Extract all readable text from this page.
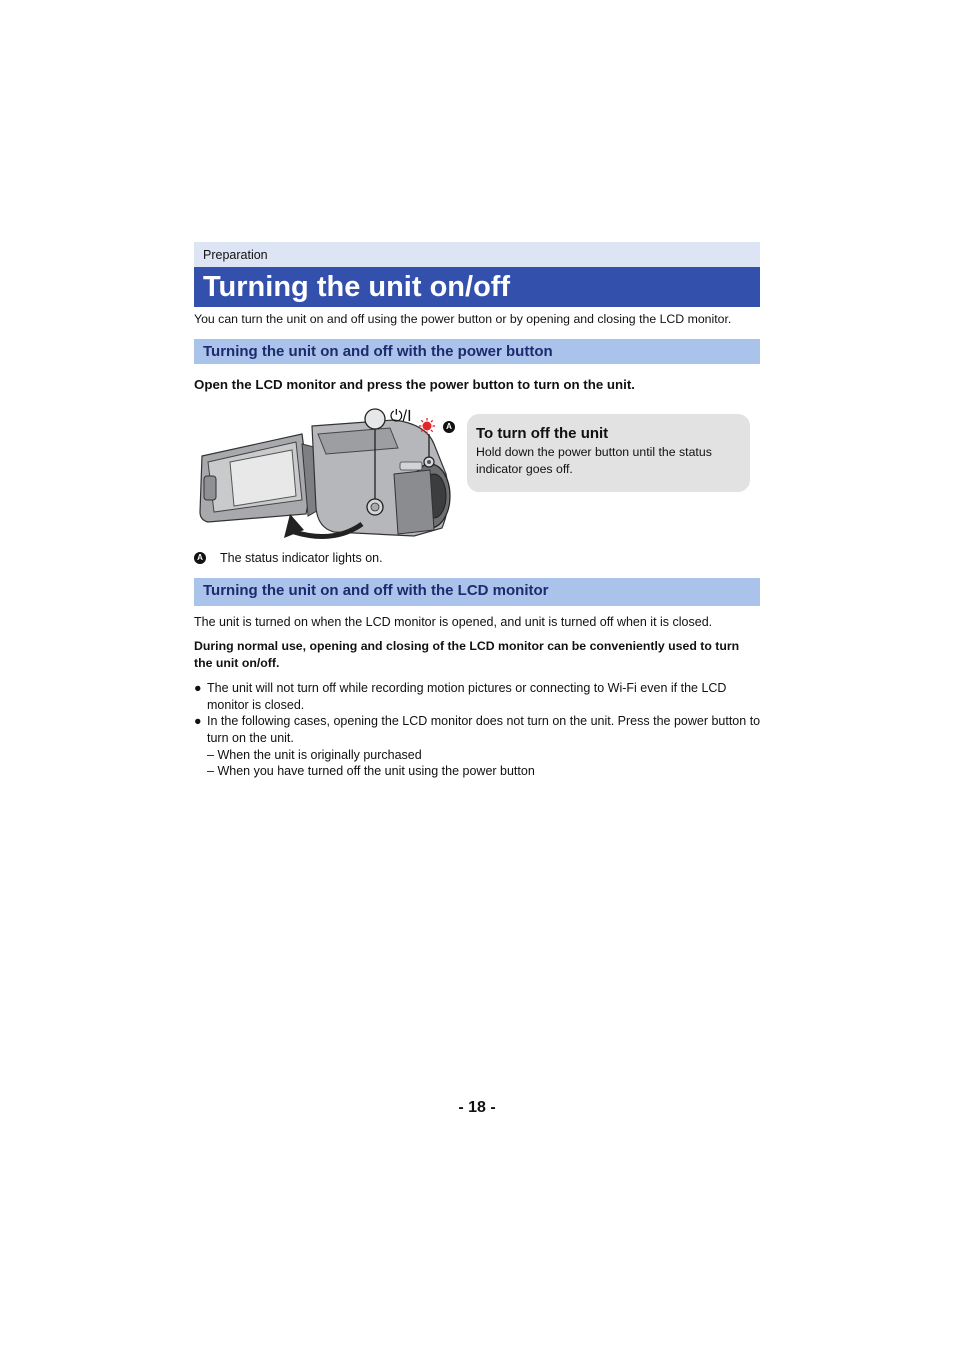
Preparation
Turning the unit on/off
You can turn the unit on and off using the power button or by opening and closing the LCD monitor.
Turning the unit on and off with the power button
Open the LCD monitor and press the power button to turn on the unit.
⏻/I
A To turn off the unit
Hold down the power button until the status indicator goes off.
A The status indicator lights on.
Turning the unit on and off with the LCD monitor
The unit is turned on when the LCD monitor is opened, and unit is turned off when it is closed.
During normal use, opening and closing of the LCD monitor can be conveniently used to turn the unit on/off.
● The unit will not turn off while recording motion pictures or connecting to Wi-Fi even if the LCD monitor is closed.
● In the following cases, opening the LCD monitor does not turn on the unit. Press the power button to turn on the unit.
– When the unit is originally purchased
– When you have turned off the unit using the power button
- 18 -
